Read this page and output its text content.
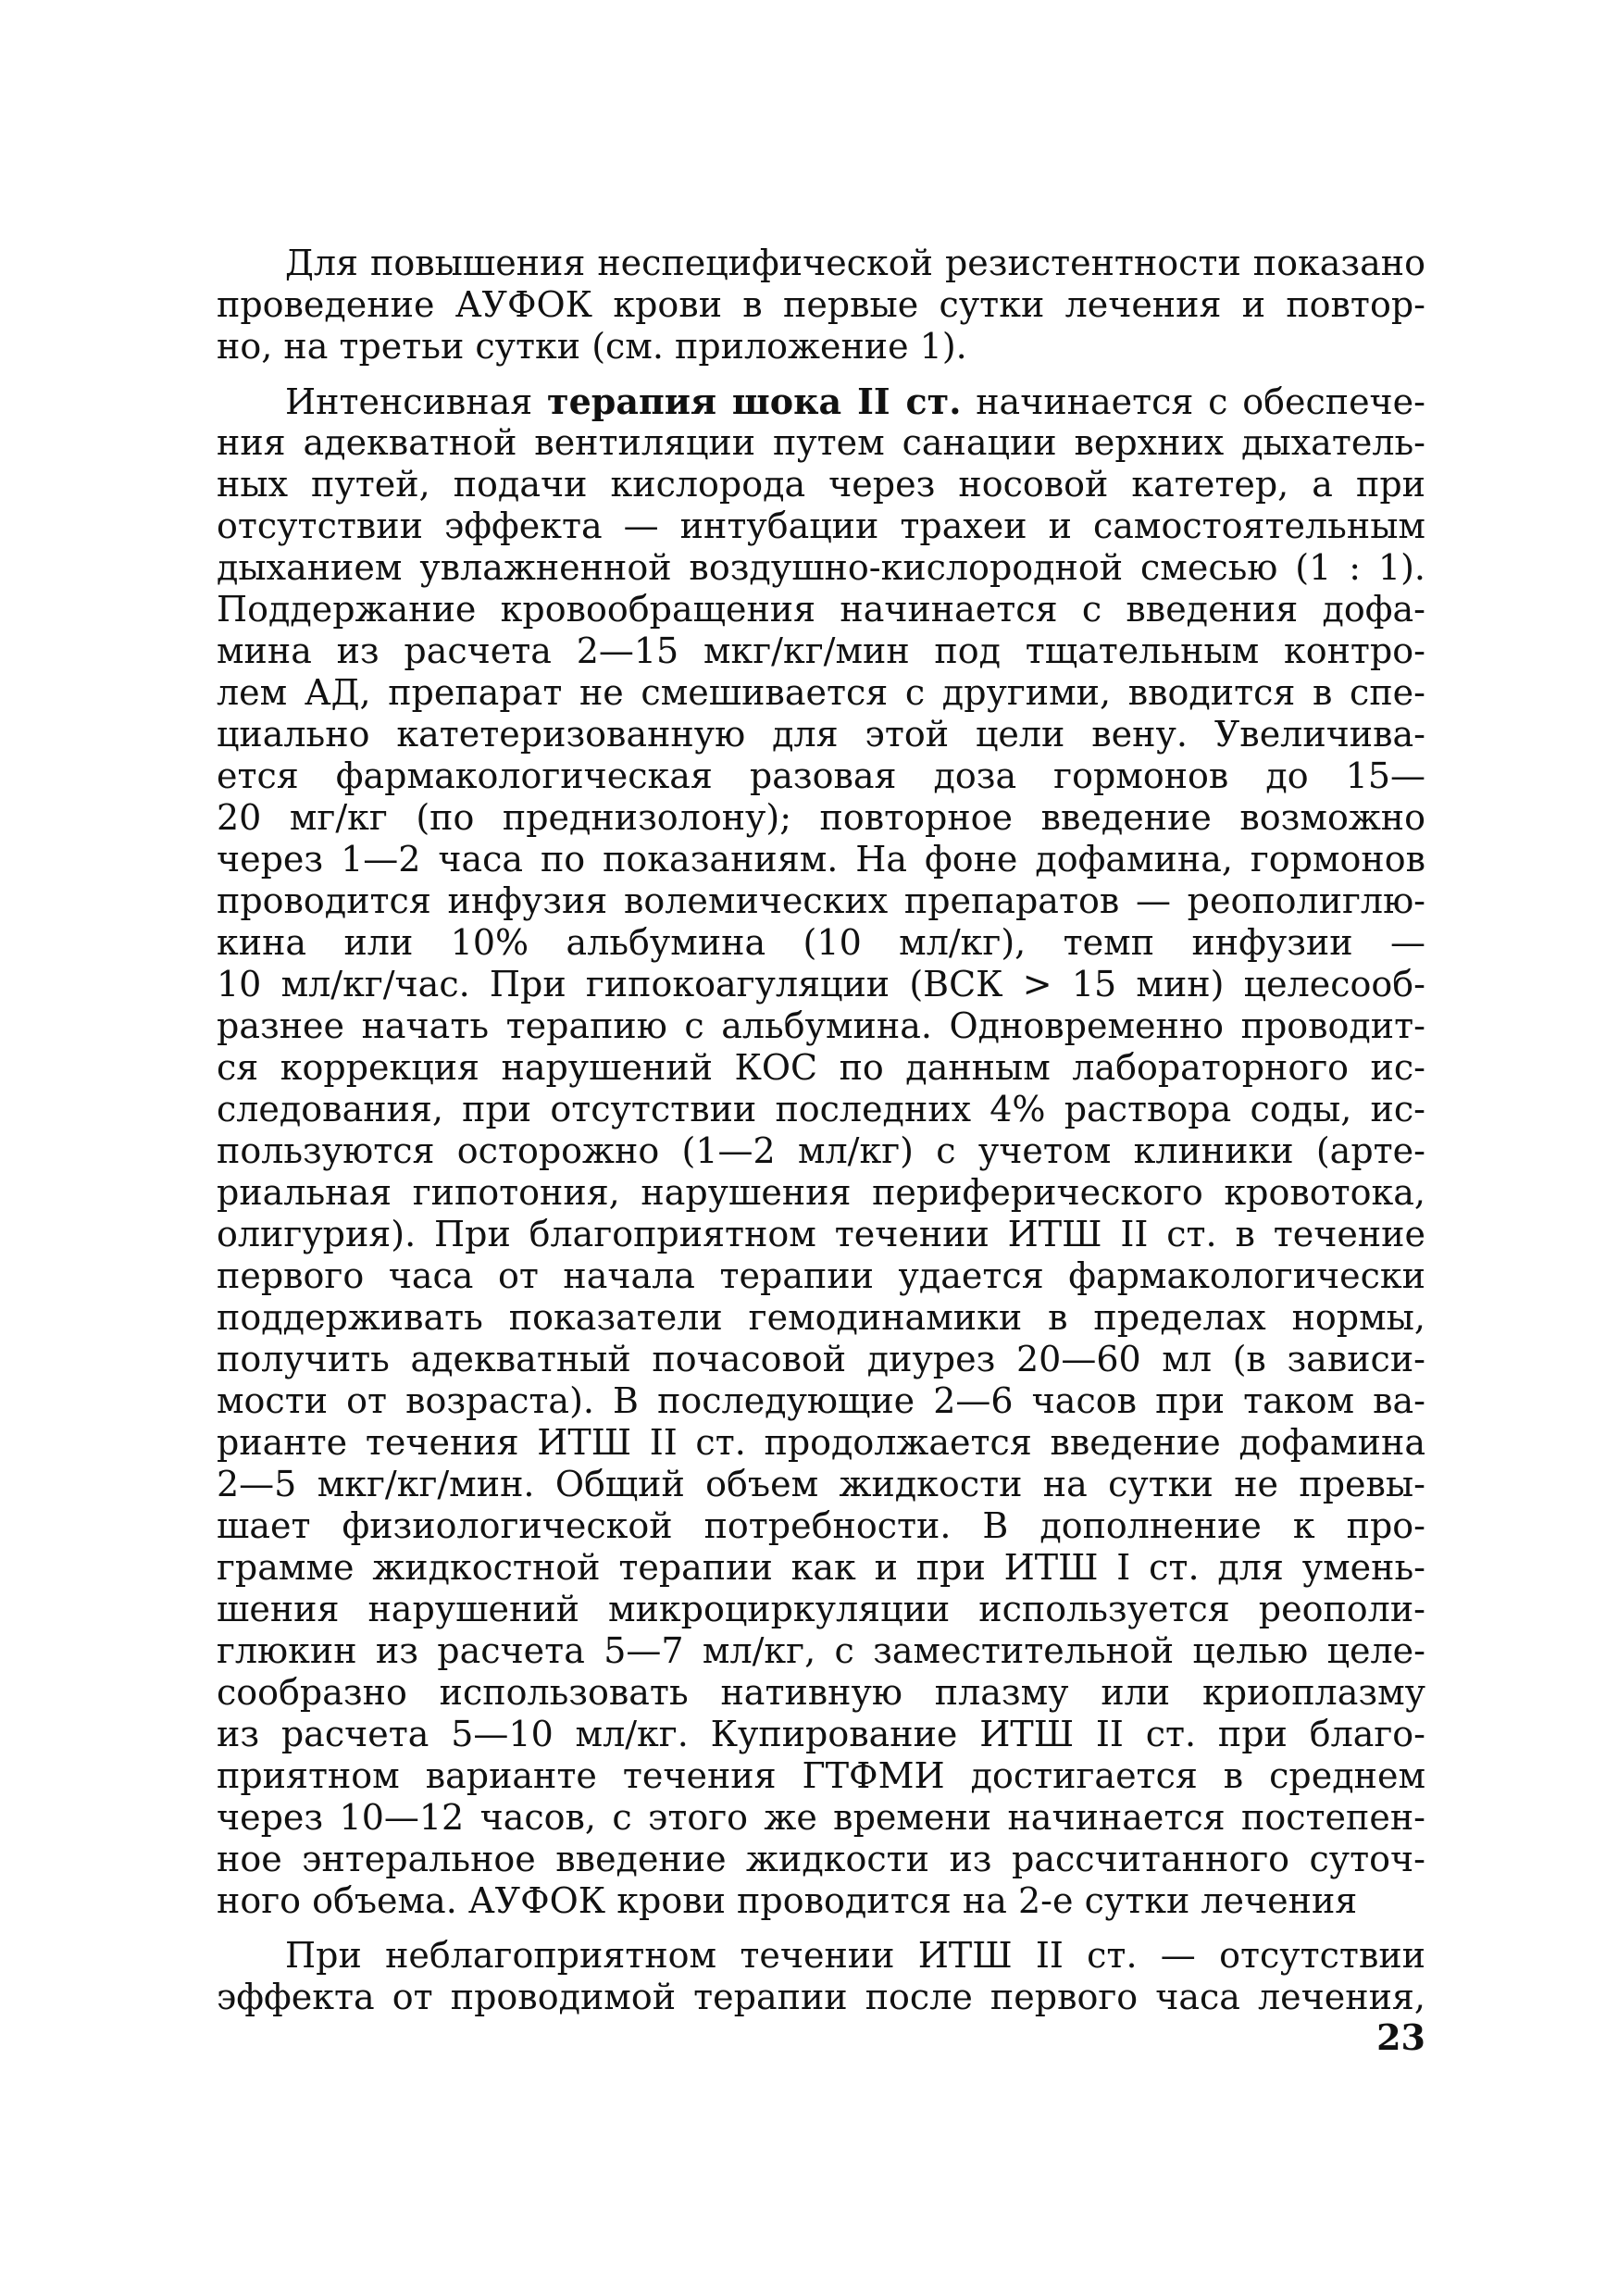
Для повышения неспецифической резистентности показано
проведение АУФОК крови в первые сутки лечения и повтор-
но, на третьи сутки (см. приложение 1).
Интенсивная терапия шока II ст. начинается с обеспече-
ния адекватной вентиляции путем санации верхних дыхатель-
ных путей, подачи кислорода через носовой катетер, а при
отсутствии эффекта — интубации трахеи и самостоятельным
дыханием увлажненной воздушно-кислородной смесью (1 : 1).
Поддержание кровообращения начинается с введения дофа-
мина из расчета 2—15 мкг/кг/мин под тщательным контро-
лем АД, препарат не смешивается с другими, вводится в спе-
циально катетеризованную для этой цели вену. Увеличива-
ется фармакологическая разовая доза гормонов до 15—
20 мг/кг (по преднизолону); повторное введение возможно
через 1—2 часа по показаниям. На фоне дофамина, гормонов
проводится инфузия волемических препаратов — реополиглю-
кина или 10% альбумина (10 мл/кг), темп инфузии —
10 мл/кг/час. При гипокоагуляции (ВСК > 15 мин) целесооб-
разнее начать терапию с альбумина. Одновременно проводит-
ся коррекция нарушений КОС по данным лабораторного ис-
следования, при отсутствии последних 4% раствора соды, ис-
пользуются осторожно (1—2 мл/кг) с учетом клиники (арте-
риальная гипотония, нарушения периферического кровотока,
олигурия). При благоприятном течении ИТШ II ст. в течение
первого часа от начала терапии удается фармакологически
поддерживать показатели гемодинамики в пределах нормы,
получить адекватный почасовой диурез 20—60 мл (в зависи-
мости от возраста). В последующие 2—6 часов при таком ва-
рианте течения ИТШ II ст. продолжается введение дофамина
2—5 мкг/кг/мин. Общий объем жидкости на сутки не превы-
шает физиологической потребности. В дополнение к про-
грамме жидкостной терапии как и при ИТШ I ст. для умень-
шения нарушений микроциркуляции используется реополи-
глюкин из расчета 5—7 мл/кг, с заместительной целью целе-
сообразно использовать нативную плазму или криоплазму
из расчета 5—10 мл/кг. Купирование ИТШ II ст. при благо-
приятном варианте течения ГТФМИ достигается в среднем
через 10—12 часов, с этого же времени начинается постепен-
ное энтеральное введение жидкости из рассчитанного суточ-
ного объема. АУФОК крови проводится на 2-е сутки лечения
При неблагоприятном течении ИТШ II ст. — отсутствии
эффекта от проводимой терапии после первого часа лечения,
23
